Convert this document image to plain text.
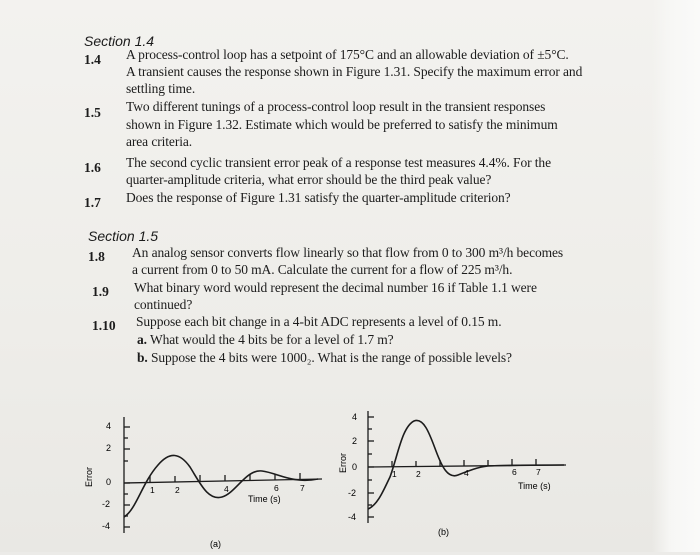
Section 1.4
1.4 A process-control loop has a setpoint of 175°C and an allowable deviation of ±5°C.
A transient causes the response shown in Figure 1.31. Specify the maximum error and
settling time.
1.5 Two different tunings of a process-control loop result in the transient responses
shown in Figure 1.32. Estimate which would be preferred to satisfy the minimum
area criteria.
1.6 The second cyclic transient error peak of a response test measures 4.4%. For the
quarter-amplitude criteria, what error should be the third peak value?
1.7 Does the response of Figure 1.31 satisfy the quarter-amplitude criterion?
Section 1.5
1.8 An analog sensor converts flow linearly so that flow from 0 to 300 m³/h becomes
a current from 0 to 50 mA. Calculate the current for a flow of 225 m³/h.
1.9 What binary word would represent the decimal number 16 if Table 1.1 were
continued?
1.10 Suppose each bit change in a 4-bit ADC represents a level of 0.15 m.
a. What would the 4 bits be for a level of 1.7 m?
b. Suppose the 4 bits were 1000₂. What is the range of possible levels?
4
2
0
-2
-4
Error
1 2	4	6	7
Time (s)
(a)
4
2
0
-2
-4
Error
1 2	4	6 7
Time (s)
(b)
